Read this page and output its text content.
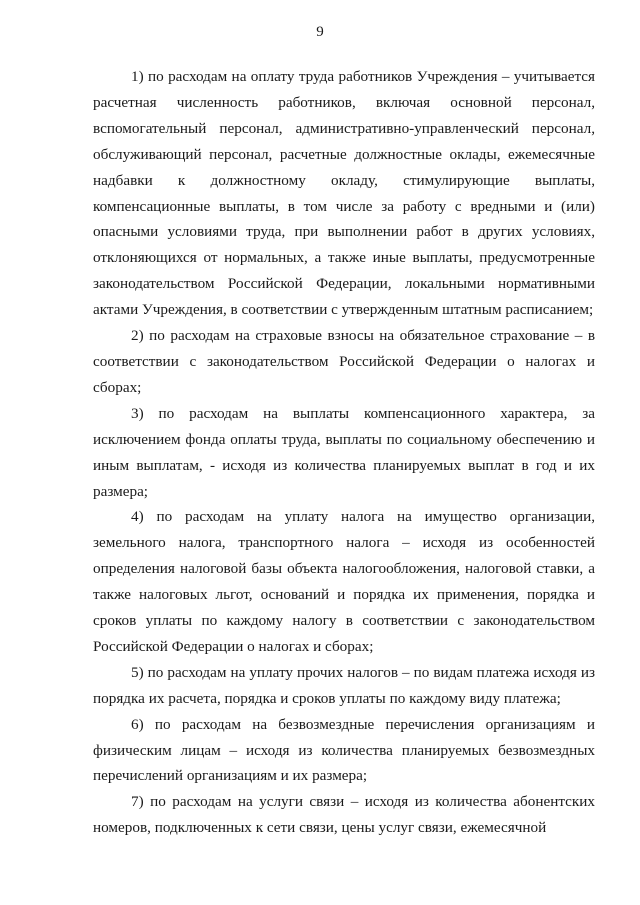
9

1) по расходам на оплату труда работников Учреждения – учитывается расчетная численность работников, включая основной персонал, вспомогательный персонал, административно-управленческий персонал, обслуживающий персонал, расчетные должностные оклады, ежемесячные надбавки к должностному окладу, стимулирующие выплаты, компенсационные выплаты, в том числе за работу с вредными и (или) опасными условиями труда, при выполнении работ в других условиях, отклоняющихся от нормальных, а также иные выплаты, предусмотренные законодательством Российской Федерации, локальными нормативными актами Учреждения, в соответствии с утвержденным штатным расписанием;

2) по расходам на страховые взносы на обязательное страхование – в соответствии с законодательством Российской Федерации о налогах и сборах;

3) по расходам на выплаты компенсационного характера, за исключением фонда оплаты труда, выплаты по социальному обеспечению и иным выплатам, - исходя из количества планируемых выплат в год и их размера;

4) по расходам на уплату налога на имущество организации, земельного налога, транспортного налога – исходя из особенностей определения налоговой базы объекта налогообложения, налоговой ставки, а также налоговых льгот, оснований и порядка их применения, порядка и сроков уплаты по каждому налогу в соответствии с законодательством Российской Федерации о налогах и сборах;

5) по расходам на уплату прочих налогов – по видам платежа исходя из порядка их расчета, порядка и сроков уплаты по каждому виду платежа;

6) по расходам на безвозмездные перечисления организациям и физическим лицам – исходя из количества планируемых безвозмездных перечислений организациям и их размера;

7) по расходам на услуги связи – исходя из количества абонентских номеров, подключенных к сети связи, цены услуг связи, ежемесячной
